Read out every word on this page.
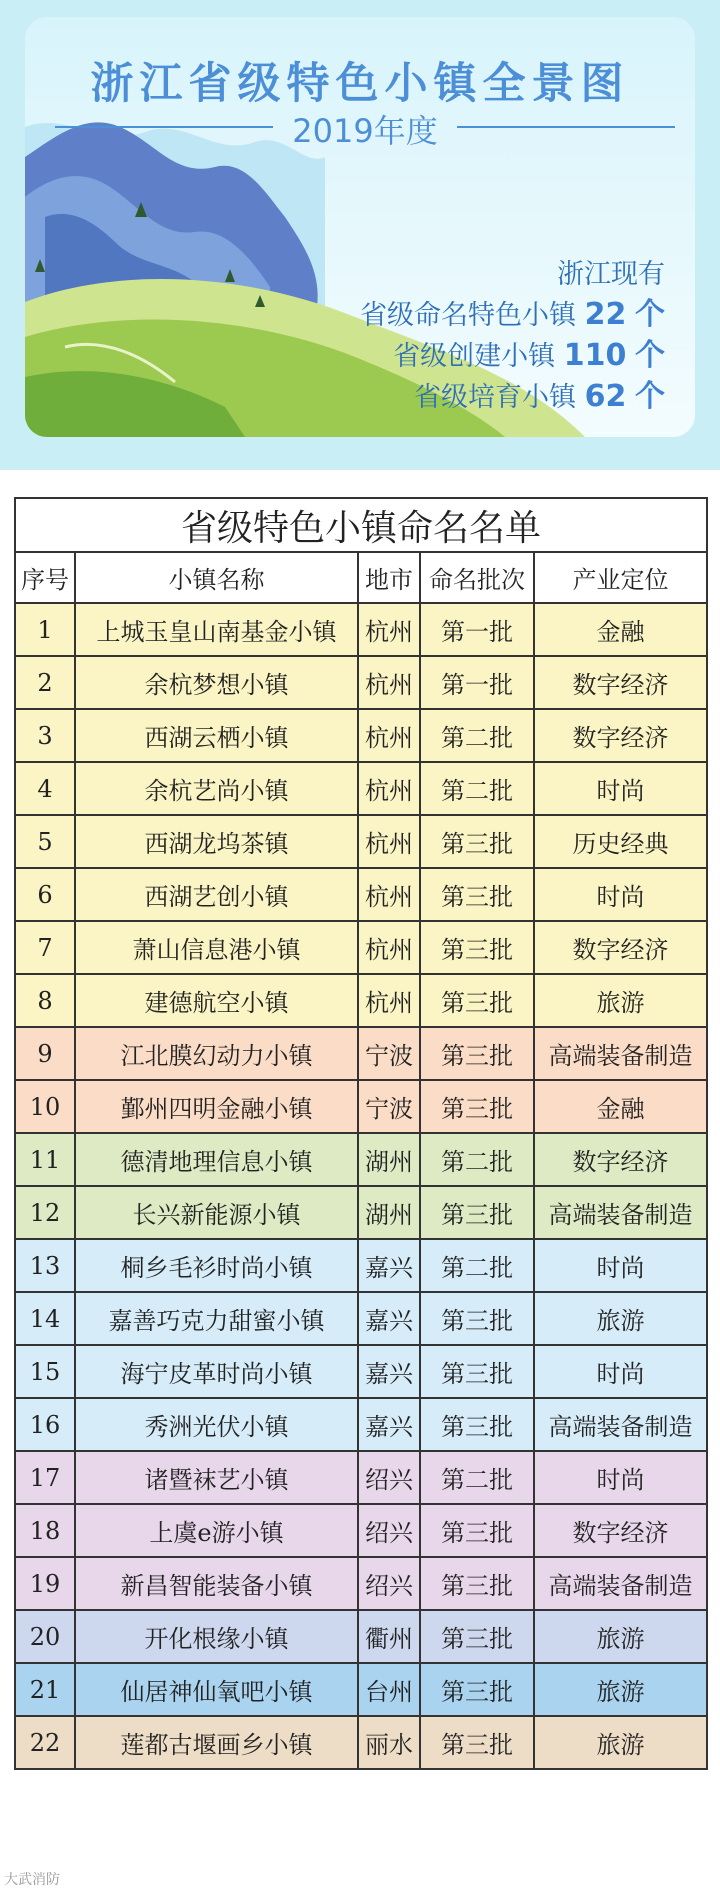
浙江省级特色小镇全景图
2019年度
浙江现有
省级命名特色小镇 22 个
省级创建小镇 110 个
省级培育小镇 62 个
省级特色小镇命名名单				
序号	小镇名称	地市	命名批次	产业定位
1	上城玉皇山南基金小镇	杭州	第一批	金融
2	余杭梦想小镇	杭州	第一批	数字经济
3	西湖云栖小镇	杭州	第二批	数字经济
4	余杭艺尚小镇	杭州	第二批	时尚
5	西湖龙坞茶镇	杭州	第三批	历史经典
6	西湖艺创小镇	杭州	第三批	时尚
7	萧山信息港小镇	杭州	第三批	数字经济
8	建德航空小镇	杭州	第三批	旅游
9	江北膜幻动力小镇	宁波	第三批	高端装备制造
10	鄞州四明金融小镇	宁波	第三批	金融
11	德清地理信息小镇	湖州	第二批	数字经济
12	长兴新能源小镇	湖州	第三批	高端装备制造
13	桐乡毛衫时尚小镇	嘉兴	第二批	时尚
14	嘉善巧克力甜蜜小镇	嘉兴	第三批	旅游
15	海宁皮革时尚小镇	嘉兴	第三批	时尚
16	秀洲光伏小镇	嘉兴	第三批	高端装备制造
17	诸暨袜艺小镇	绍兴	第二批	时尚
18	上虞e游小镇	绍兴	第三批	数字经济
19	新昌智能装备小镇	绍兴	第三批	高端装备制造
20	开化根缘小镇	衢州	第三批	旅游
21	仙居神仙氧吧小镇	台州	第三批	旅游
22	莲都古堰画乡小镇	丽水	第三批	旅游
大武消防
